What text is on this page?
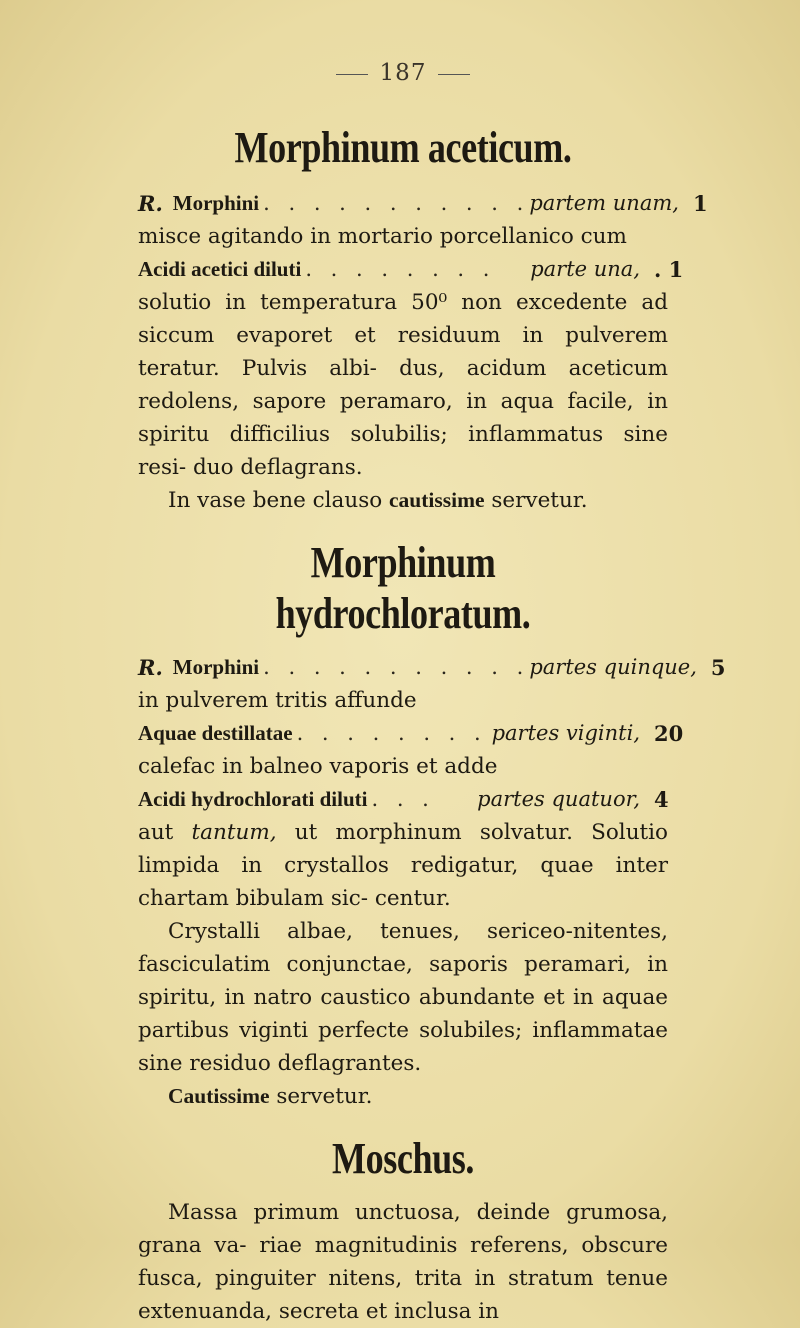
187
Morphinum aceticum.
R. Morphini . . . . . . . . . . . partem unam, 1

misce agitando in mortario porcellanico cum

Acidi acetici diluti . . . . . . . .	parte una, . 1

solutio in temperatura 50⁰ non excedente ad siccum evaporet et residuum in pulverem teratur. Pulvis albi- dus, acidum aceticum redolens, sapore peramaro, in aqua facile, in spiritu difficilius solubilis; inflammatus sine resi- duo deflagrans.

In vase bene clauso cautissime servetur.

Morphinum hydrochloratum.
R. Morphini . . . . . . . . . . . partes quinque, 5

in pulverem tritis affunde

Aquae destillatae . . . . . . . . partes viginti, 20

calefac in balneo vaporis et adde

Acidi hydrochlorati diluti . . .	partes quatuor, 4

aut tantum, ut morphinum solvatur. Solutio limpida in crystallos redigatur, quae inter chartam bibulam sic- centur.

Crystalli albae, tenues, sericeo-nitentes, fasciculatim conjunctae, saporis peramari, in spiritu, in natro caustico abundante et in aquae partibus viginti perfecte solubiles; inflammatae sine residuo deflagrantes.

Cautissime servetur.

Moschus.

Massa primum unctuosa, deinde grumosa, grana va- riae magnitudinis referens, obscure fusca, pinguiter nitens, trita in stratum tenue extenuanda, secreta et inclusa in
